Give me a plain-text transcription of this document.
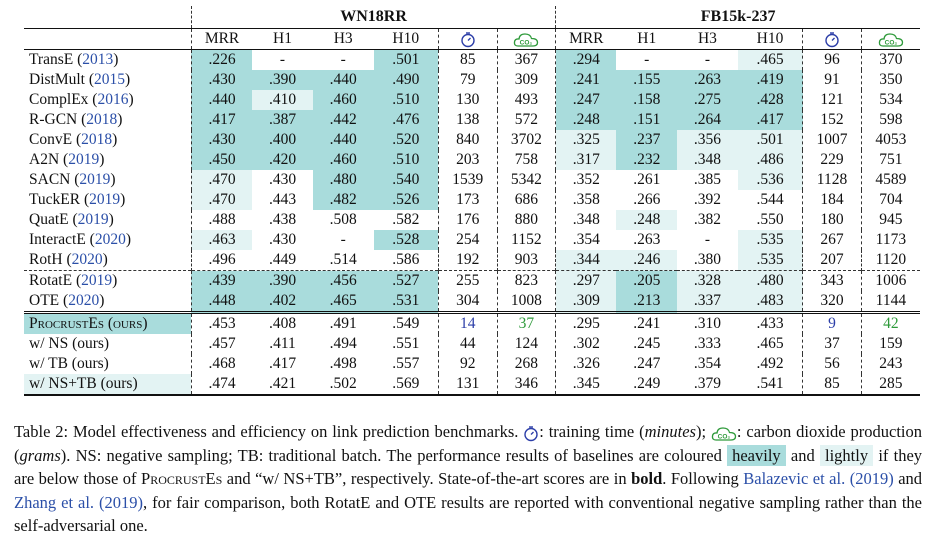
	WN18RR						FB15k-237					
	MRR	H1	H3	H10		CO₂	MRR	H1	H3	H10		CO₂

TransE (2013)	.226	-	-	.501	85	367	.294	-	-	.465	96	370
DistMult (2015)	.430	.390	.440	.490	79	309	.241	.155	.263	.419	91	350
ComplEx (2016)	.440	.410	.460	.510	130	493	.247	.158	.275	.428	121	534
R-GCN (2018)	.417	.387	.442	.476	138	572	.248	.151	.264	.417	152	598
ConvE (2018)	.430	.400	.440	.520	840	3702	.325	.237	.356	.501	1007	4053
A2N (2019)	.450	.420	.460	.510	203	758	.317	.232	.348	.486	229	751
SACN (2019)	.470	.430	.480	.540	1539	5342	.352	.261	.385	.536	1128	4589
TuckER (2019)	.470	.443	.482	.526	173	686	.358	.266	.392	.544	184	704
QuatE (2019)	.488	.438	.508	.582	176	880	.348	.248	.382	.550	180	945
InteractE (2020)	.463	.430	-	.528	254	1152	.354	.263	-	.535	267	1173
RotH (2020)	.496	.449	.514	.586	192	903	.344	.246	.380	.535	207	1120
RotatE (2019)	.439	.390	.456	.527	255	823	.297	.205	.328	.480	343	1006
OTE (2020)	.448	.402	.465	.531	304	1008	.309	.213	.337	.483	320	1144
ProcrustEs (ours)	.453	.408	.491	.549	14	37	.295	.241	.310	.433	9	42
w/ NS (ours)	.457	.411	.494	.551	44	124	.302	.245	.333	.465	37	159
w/ TB (ours)	.468	.417	.498	.557	92	268	.326	.247	.354	.492	56	243
w/ NS+TB (ours)	.474	.421	.502	.569	131	346	.345	.249	.379	.541	85	285
Table 2: Model effectiveness and efficiency on link prediction benchmarks. : training time (minutes); CO₂ : carbon dioxide production (grams). NS: negative sampling; TB: traditional batch. The performance results of baselines are coloured heavily and lightly if they are below those of ProcrustEs and “w/ NS+TB”, respectively. State-of-the-art scores are in bold. Following Balazevic et al. (2019) and Zhang et al. (2019), for fair comparison, both RotatE and OTE results are reported with conventional negative sampling rather than the self-adversarial one.
